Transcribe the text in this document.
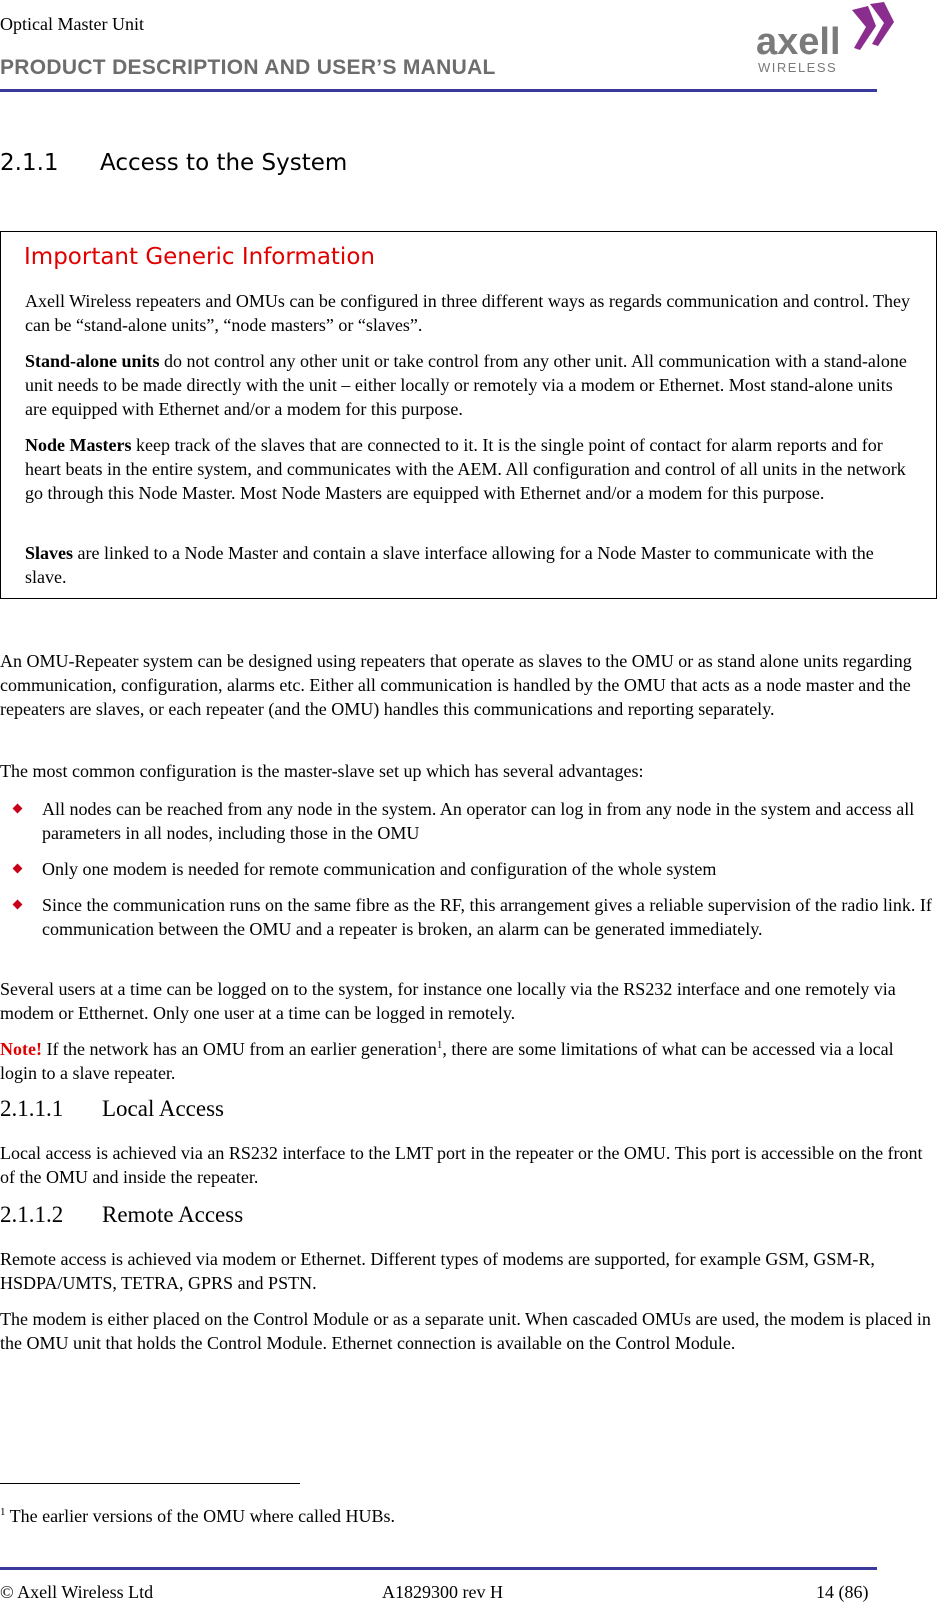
Optical Master Unit
PRODUCT DESCRIPTION AND USER’S MANUAL
axell
WIRELESS
2.1.1 Access to the System
Important Generic Information
Axell Wireless repeaters and OMUs can be configured in three different ways as regards communication and control. They can be “stand-alone units”, “node masters” or “slaves”.
Stand-alone units do not control any other unit or take control from any other unit. All communication with a stand-alone unit needs to be made directly with the unit – either locally or remotely via a modem or Ethernet. Most stand-alone units are equipped with Ethernet and/or a modem for this purpose.
Node Masters keep track of the slaves that are connected to it. It is the single point of contact for alarm reports and for heart beats in the entire system, and communicates with the AEM. All configuration and control of all units in the network go through this Node Master. Most Node Masters are equipped with Ethernet and/or a modem for this purpose.
Slaves are linked to a Node Master and contain a slave interface allowing for a Node Master to communicate with the slave.
An OMU-Repeater system can be designed using repeaters that operate as slaves to the OMU or as stand alone units regarding communication, configuration, alarms etc. Either all communication is handled by the OMU that acts as a node master and the repeaters are slaves, or each repeater (and the OMU) handles this communications and reporting separately.
The most common configuration is the master-slave set up which has several advantages:
All nodes can be reached from any node in the system. An operator can log in from any node in the system and access all parameters in all nodes, including those in the OMU
Only one modem is needed for remote communication and configuration of the whole system
Since the communication runs on the same fibre as the RF, this arrangement gives a reliable supervision of the radio link. If communication between the OMU and a repeater is broken, an alarm can be generated immediately.
Several users at a time can be logged on to the system, for instance one locally via the RS232 interface and one remotely via modem or Etthernet. Only one user at a time can be logged in remotely.
Note! If the network has an OMU from an earlier generation$^1$, there are some limitations of what can be accessed via a local login to a slave repeater.
2.1.1.1 Local Access
Local access is achieved via an RS232 interface to the LMT port in the repeater or the OMU. This port is accessible on the front of the OMU and inside the repeater.
2.1.1.2 Remote Access
Remote access is achieved via modem or Ethernet. Different types of modems are supported, for example GSM, GSM-R, HSDPA/UMTS, TETRA, GPRS and PSTN.
The modem is either placed on the Control Module or as a separate unit. When cascaded OMUs are used, the modem is placed in the OMU unit that holds the Control Module. Ethernet connection is available on the Control Module.
$^1$ The earlier versions of the OMU where called HUBs.
© Axell Wireless Ltd	A1829300 rev H	14 (86)
